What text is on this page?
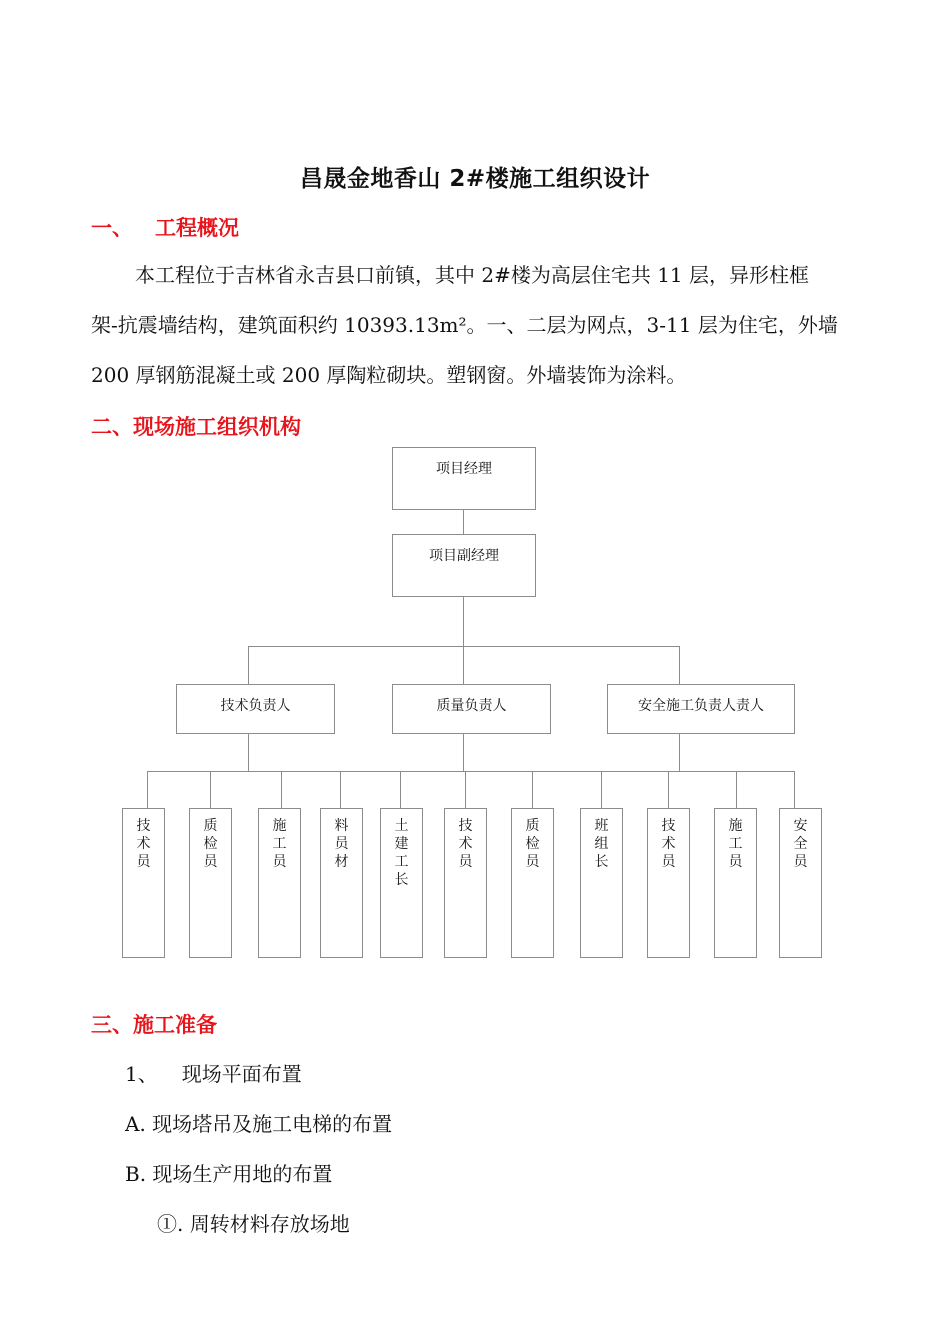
昌晟金地香山 2#楼施工组织设计
一、 工程概况
本工程位于吉林省永吉县口前镇，其中 2#楼为高层住宅共 11 层，异形柱框
架-抗震墙结构，建筑面积约 10393.13m²。一、二层为网点，3-11 层为住宅，外墙
200 厚钢筋混凝土或 200 厚陶粒砌块。塑钢窗。外墙装饰为涂料。
二、现场施工组织机构
项目经理
项目副经理
技术负责人	质量负责人	安全施工负责人责人
技
术
员
质
检
员
施
工
员
料
员
材
土
建
工
长
技
术
员
质
检
员
班
组
长
技
术
员
施
工
员
安
全
员
三、施工准备
1、 现场平面布置
A. 现场塔吊及施工电梯的布置
B. 现场生产用地的布置
①. 周转材料存放场地
